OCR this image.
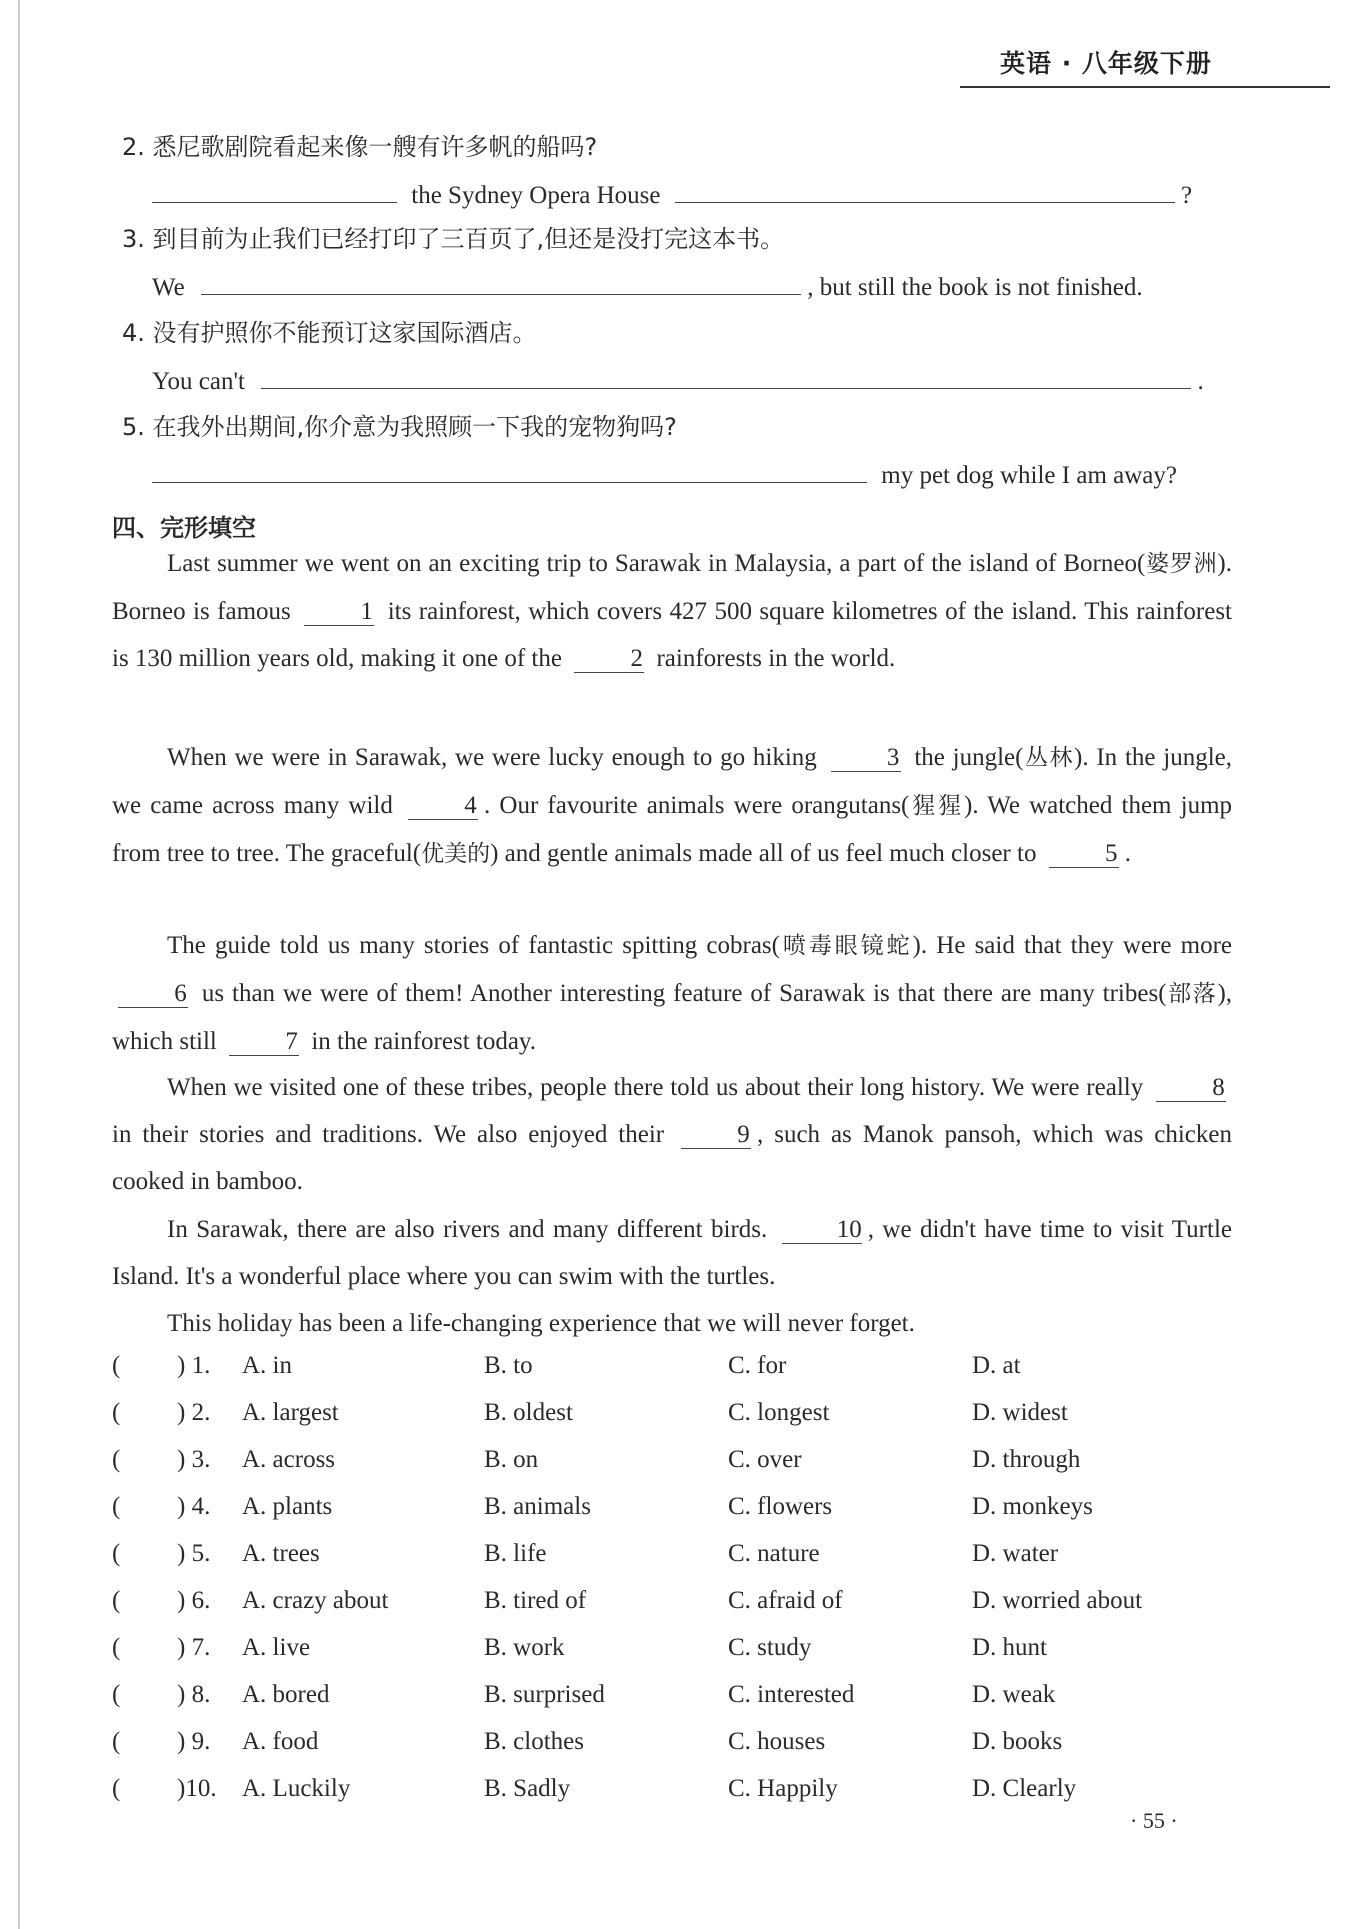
英语 · 八年级下册
2. 悉尼歌剧院看起来像一艘有许多帆的船吗?
the Sydney Opera House	?
3. 到目前为止我们已经打印了三百页了,但还是没打完这本书。
We	, but still the book is not finished.
4. 没有护照你不能预订这家国际酒店。
You can't	.
5. 在我外出期间,你介意为我照顾一下我的宠物狗吗?
my pet dog while I am away?
四、完形填空
Last summer we went on an exciting trip to Sarawak in Malaysia, a part of the island of Borneo(婆罗洲). Borneo is famous	1 its rainforest, which covers 427 500 square kilometres of the island. This rainforest is 130 million years old, making it one of the	2 rainforests in the world.
When we were in Sarawak, we were lucky enough to go hiking	3 the jungle(丛林). In the jungle, we came across many wild	4 . Our favourite animals were orangutans(猩猩). We watched them jump from tree to tree. The graceful(优美的) and gentle animals made all of us feel much closer to	5 .
The guide told us many stories of fantastic spitting cobras(喷毒眼镜蛇). He said that they were more 6 us than we were of them! Another interesting feature of Sarawak is that there are many tribes(部落), which still	7 in the rainforest today.
When we visited one of these tribes, people there told us about their long history. We were really	8 in their stories and traditions. We also enjoyed their	9 , such as Manok pansoh, which was chicken cooked in bamboo.
In Sarawak, there are also rivers and many different birds.	10 , we didn't have time to visit Turtle Island. It's a wonderful place where you can swim with the turtles.
This holiday has been a life-changing experience that we will never forget.
( ) 1. A. in	B. to	C. for	D. at
( ) 2. A. largest	B. oldest	C. longest	D. widest
( ) 3. A. across	B. on	C. over	D. through
( ) 4. A. plants	B. animals	C. flowers	D. monkeys
( ) 5. A. trees	B. life	C. nature	D. water
( ) 6. A. crazy about	B. tired of	C. afraid of	D. worried about
( ) 7. A. live	B. work	C. study	D. hunt
( ) 8. A. bored	B. surprised	C. interested	D. weak
( ) 9. A. food	B. clothes	C. houses	D. books
( )10. A. Luckily	B. Sadly	C. Happily	D. Clearly
· 55 ·
